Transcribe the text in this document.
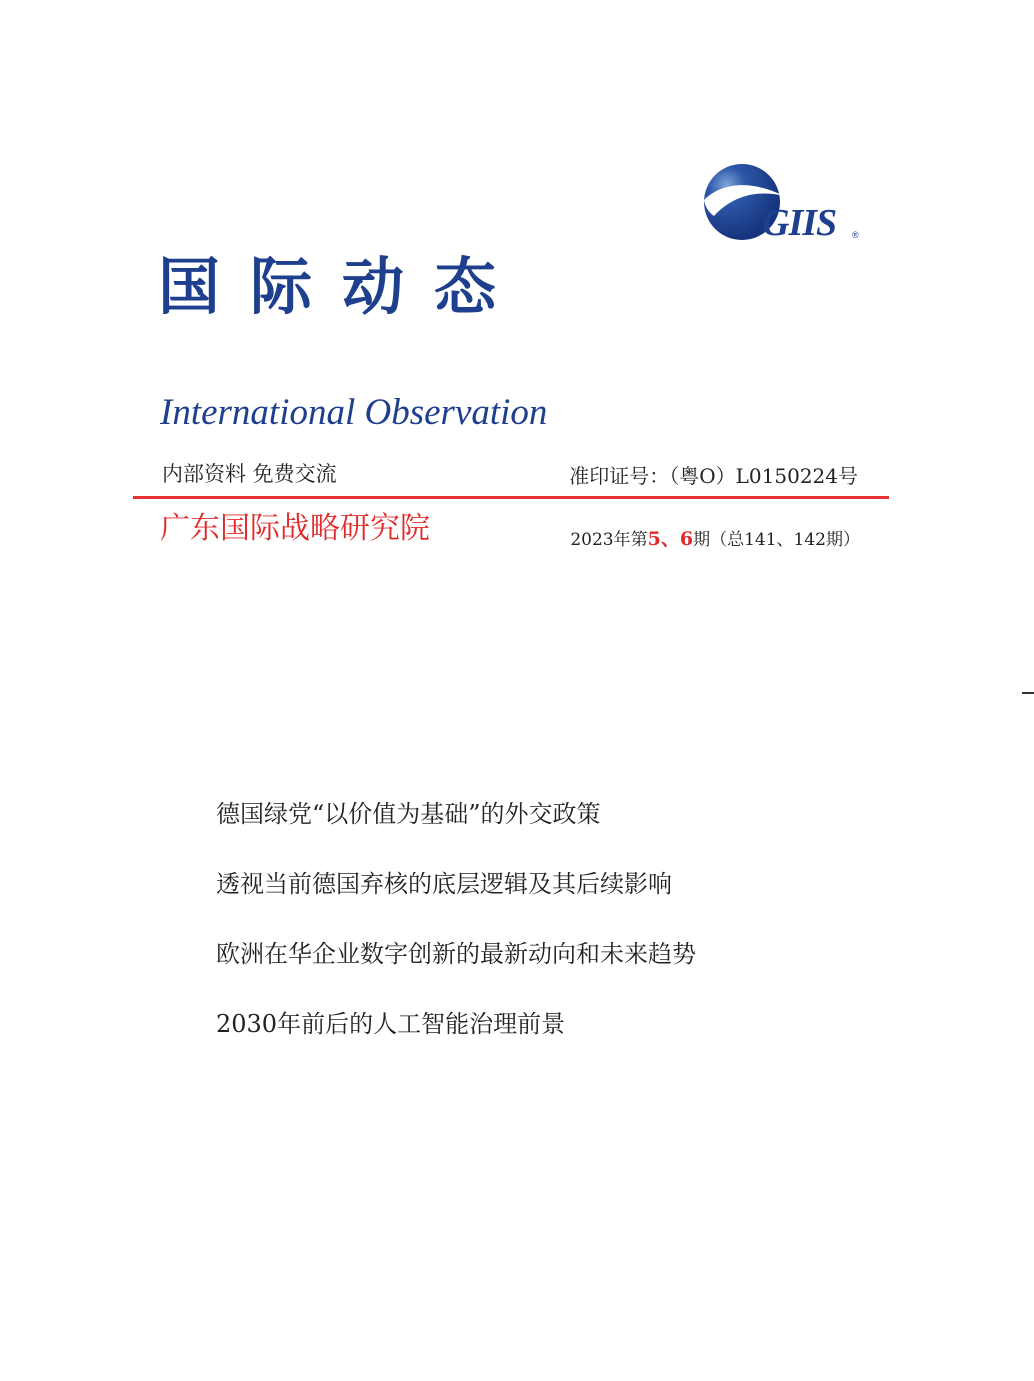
GIIS ®
国际动态
International Observation
内部资料 免费交流	准印证号：（粤O）L0150224号
广东国际战略研究院	2023年第5、6期（总141、142期）
德国绿党“以价值为基础”的外交政策
透视当前德国弃核的底层逻辑及其后续影响
欧洲在华企业数字创新的最新动向和未来趋势
2030年前后的人工智能治理前景
